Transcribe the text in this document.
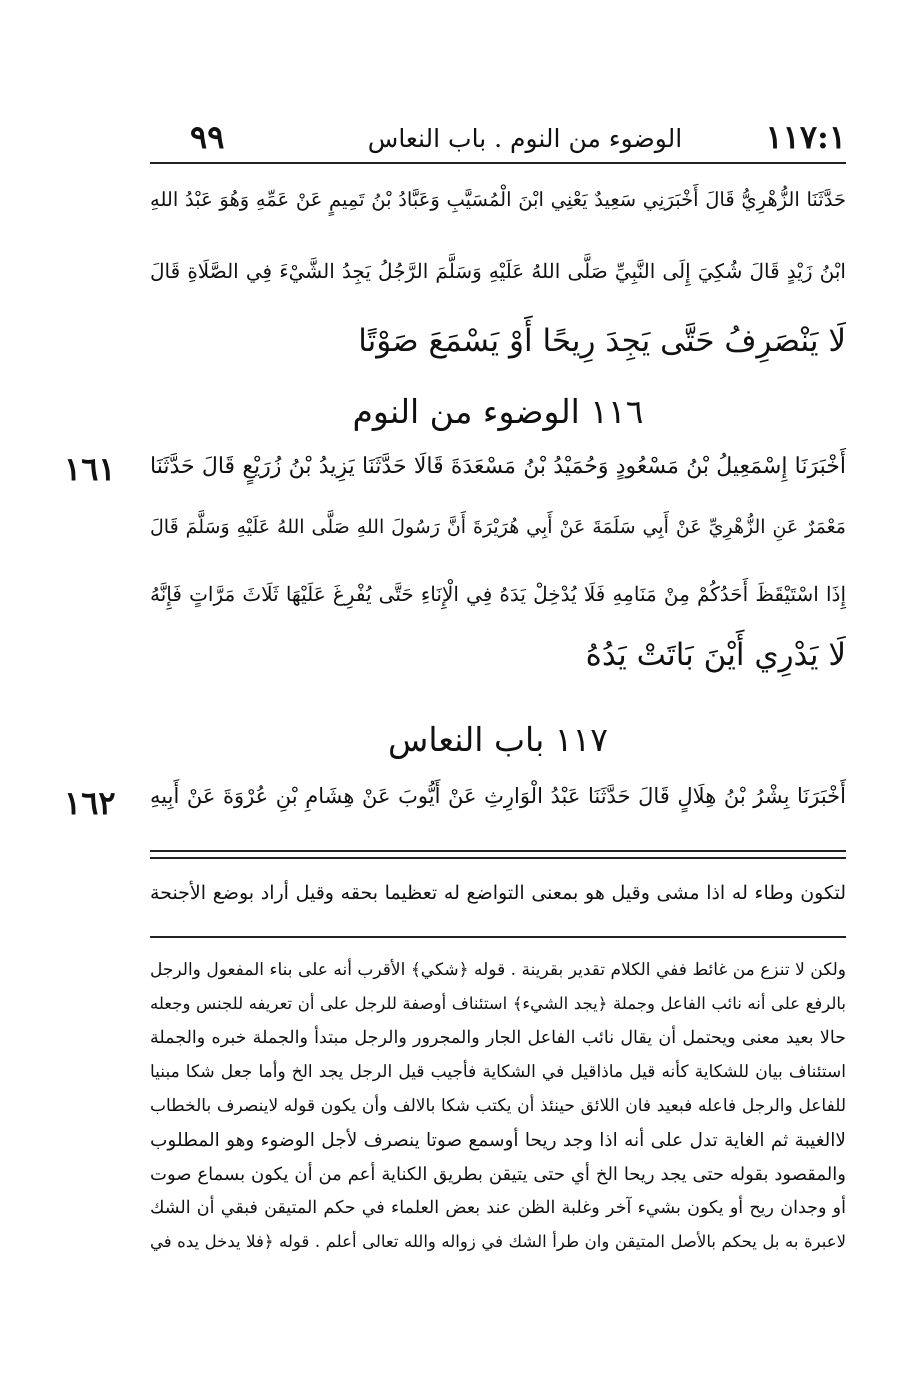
١١٧:١
الوضوء من النوم . باب النعاس
٩٩
حَدَّثَنَا الزُّهْرِيُّ قَالَ أَخْبَرَنِي سَعِيدٌ يَعْنِي ابْنَ الْمُسَيَّبِ وَعَبَّادُ بْنُ تَمِيمٍ عَنْ عَمِّهِ وَهُوَ عَبْدُ اللهِ
ابْنُ زَيْدٍ قَالَ شُكِيَ إِلَى النَّبِيِّ صَلَّى اللهُ عَلَيْهِ وَسَلَّمَ الرَّجُلُ يَجِدُ الشَّيْءَ فِي الصَّلَاةِ قَالَ
لَا يَنْصَرِفُ حَتَّى يَجِدَ رِيحًا أَوْ يَسْمَعَ صَوْتًا
١١٦ الوضوء من النوم
١٦١ أَخْبَرَنَا إِسْمَعِيلُ بْنُ مَسْعُودٍ وَحُمَيْدُ بْنُ مَسْعَدَةَ قَالَا حَدَّثَنَا يَزِيدُ بْنُ زُرَيْعٍ قَالَ حَدَّثَنَا
مَعْمَرٌ عَنِ الزُّهْرِيِّ عَنْ أَبِي سَلَمَةَ عَنْ أَبِي هُرَيْرَةَ أَنَّ رَسُولَ اللهِ صَلَّى اللهُ عَلَيْهِ وَسَلَّمَ قَالَ
إِذَا اسْتَيْقَظَ أَحَدُكُمْ مِنْ مَنَامِهِ فَلَا يُدْخِلْ يَدَهُ فِي الْإِنَاءِ حَتَّى يُفْرِغَ عَلَيْهَا ثَلَاثَ مَرَّاتٍ فَإِنَّهُ
لَا يَدْرِي أَيْنَ بَاتَتْ يَدُهُ
١١٧ باب النعاس
١٦٢ أَخْبَرَنَا بِشْرُ بْنُ هِلَالٍ قَالَ حَدَّثَنَا عَبْدُ الْوَارِثِ عَنْ أَيُّوبَ عَنْ هِشَامِ بْنِ عُرْوَةَ عَنْ أَبِيهِ
لتكون وطاء له اذا مشى وقيل هو بمعنى التواضع له تعظيما بحقه وقيل أراد بوضع الأجنحة
ولكن لا تنزع من غائط ففي الكلام تقدير بقرينة . قوله ﴿شكي﴾ الأقرب أنه على بناء المفعول والرجل
بالرفع على أنه نائب الفاعل وجملة ﴿يجد الشيء﴾ استئناف أوصفة للرجل على أن تعريفه للجنس وجعله
حالا بعيد معنى ويحتمل أن يقال نائب الفاعل الجار والمجرور والرجل مبتدأ والجملة خبره والجملة
استئناف بيان للشكاية كأنه قيل ماذاقيل في الشكاية فأجيب قيل الرجل يجد الخ وأما جعل شكا مبنيا
للفاعل والرجل فاعله فبعيد فان اللائق حينئذ أن يكتب شكا بالالف وأن يكون قوله لاينصرف بالخطاب
لاالغيبة ثم الغاية تدل على أنه اذا وجد ريحا أوسمع صوتا ينصرف لأجل الوضوء وهو المطلوب
والمقصود بقوله حتى يجد ريحا الخ أي حتى يتيقن بطريق الكناية أعم من أن يكون بسماع صوت
أو وجدان ريح أو يكون بشيء آخر وغلبة الظن عند بعض العلماء في حكم المتيقن فبقي أن الشك
لاعبرة به بل يحكم بالأصل المتيقن وان طرأ الشك في زواله والله تعالى أعلم . قوله ﴿فلا يدخل يده في
